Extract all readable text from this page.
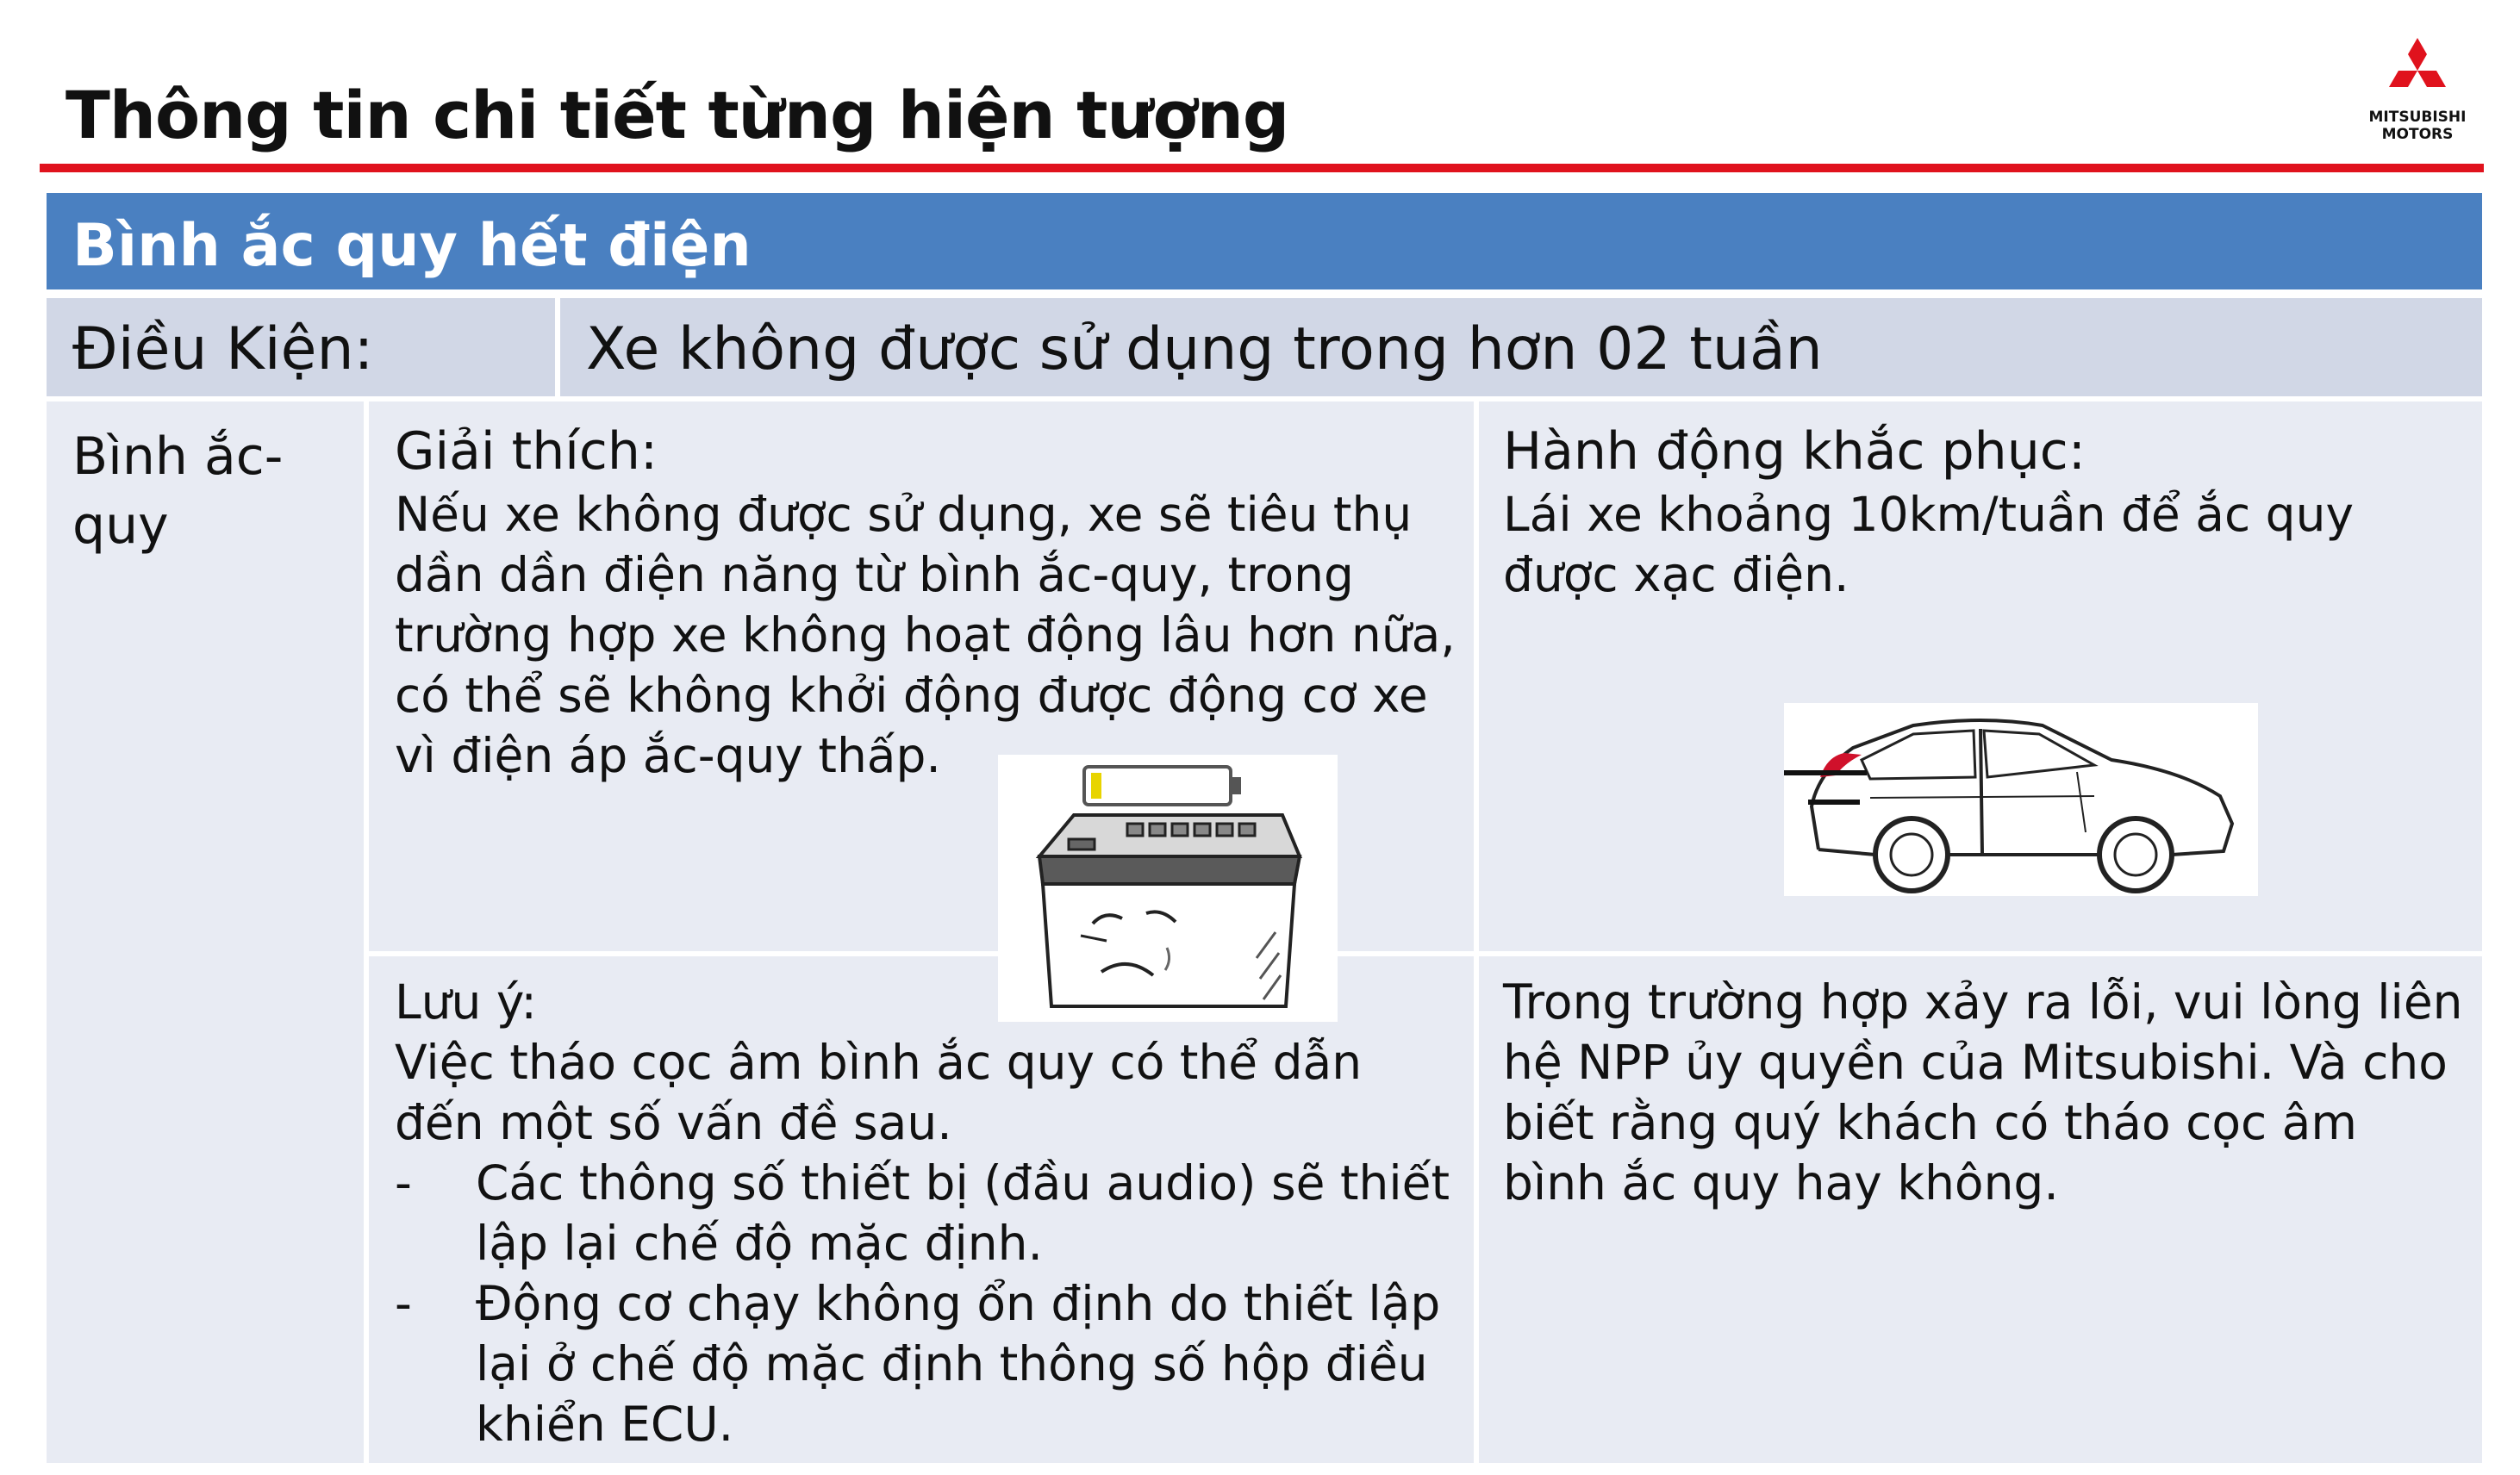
Thông tin chi tiết từng hiện tượng	MITSUBISHI
MOTORS
Bình ắc quy hết điện
Điều Kiện:	Xe không được sử dụng trong hơn 02 tuần

Bình ắc-

quy

Giải thích:

Nếu xe không được sử dụng, xe sẽ tiêu thụ

dần dần điện năng từ bình ắc-quy, trong

trường hợp xe không hoạt động lâu hơn nữa,

có thể sẽ không khởi động được động cơ xe

vì điện áp ắc-quy thấp.

Hành động khắc phục:

Lái xe khoảng 10km/tuần để ắc quy

được xạc điện.

Lưu ý:

Việc tháo cọc âm bình ắc quy có thể dẫn

đến một số vấn đề sau.

- Các thông số thiết bị (đầu audio) sẽ thiết

lập lại chế độ mặc định.

- Động cơ chạy không ổn định do thiết lập

lại ở chế độ mặc định thông số hộp điều

khiển ECU.

Trong trường hợp xảy ra lỗi, vui lòng liên

hệ NPP ủy quyền của Mitsubishi. Và cho

biết rằng quý khách có tháo cọc âm

bình ắc quy hay không.
